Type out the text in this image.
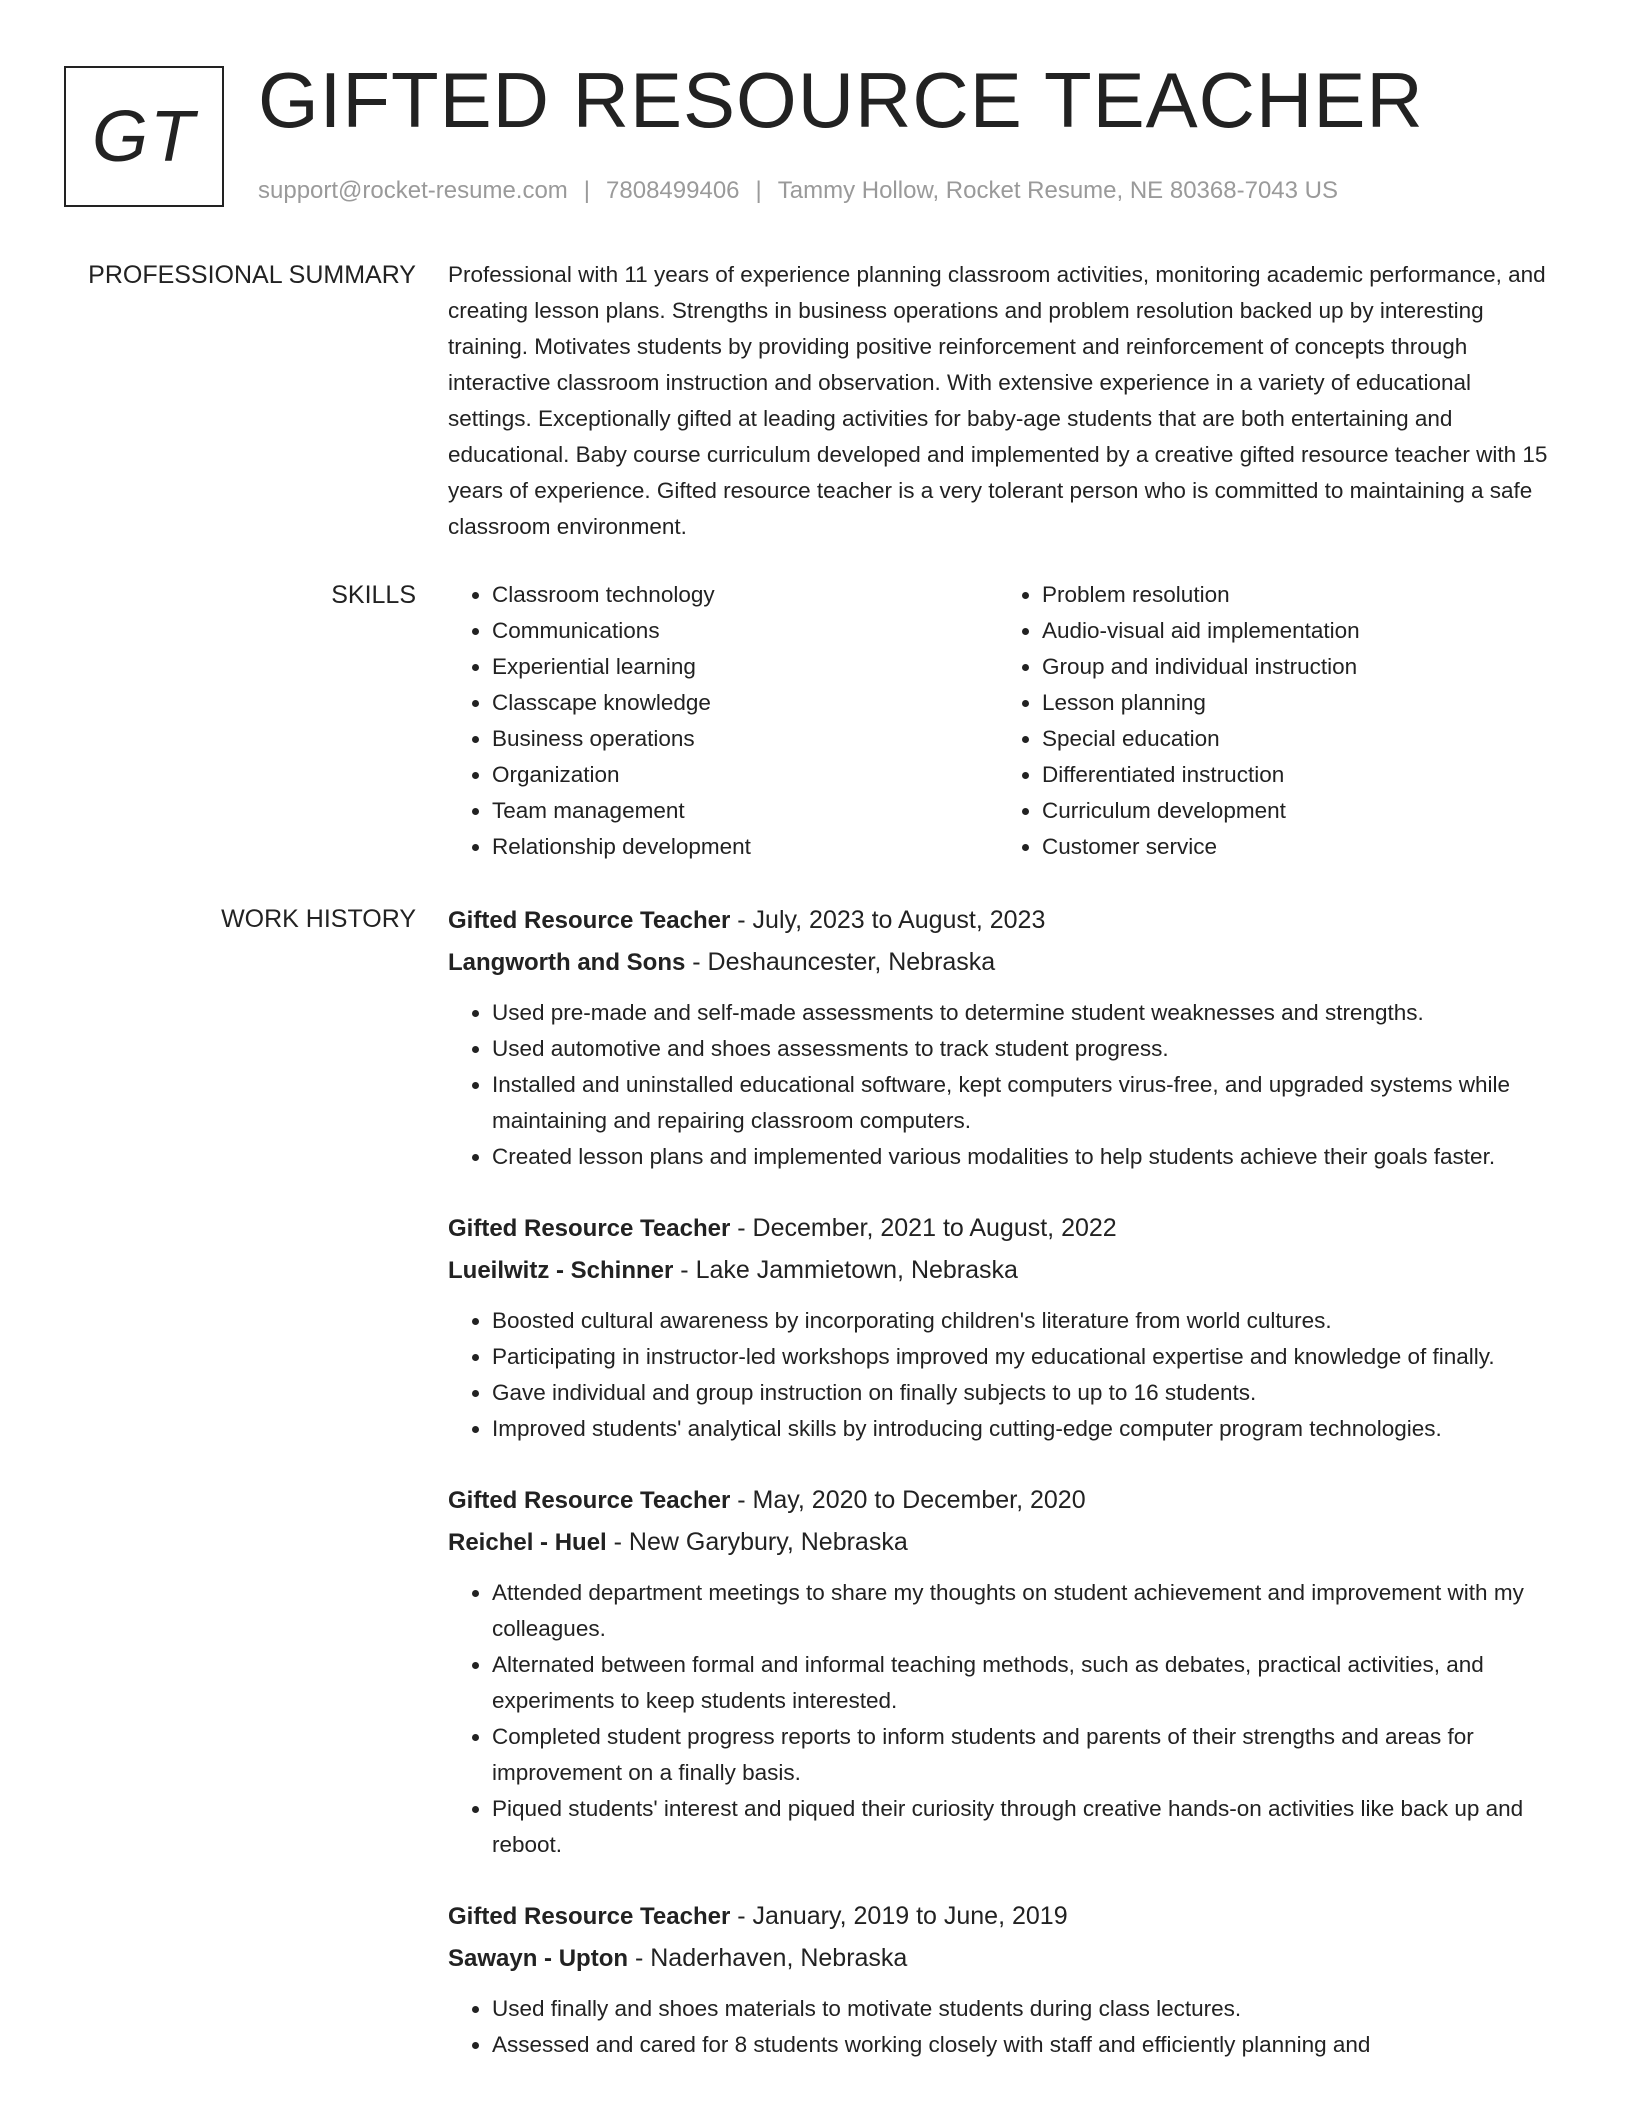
GT GIFTED RESOURCE TEACHER
support@rocket-resume.com | 7808499406 | Tammy Hollow, Rocket Resume, NE 80368-7043 US
PROFESSIONAL SUMMARY Professional with 11 years of experience planning classroom activities, monitoring academic performance, and creating lesson plans. Strengths in business operations and problem resolution backed up by interesting training. Motivates students by providing positive reinforcement and reinforcement of concepts through interactive classroom instruction and observation. With extensive experience in a variety of educational settings. Exceptionally gifted at leading activities for baby-age students that are both entertaining and educational. Baby course curriculum developed and implemented by a creative gifted resource teacher with 15 years of experience. Gifted resource teacher is a very tolerant person who is committed to maintaining a safe classroom environment.

SKILLS
•	Classroom technology
• Communications
• Experiential learning
• Classcape knowledge
• Business operations
• Organization
• Team management
• Relationship development
• Problem resolution
• Audio-visual aid implementation
• Group and individual instruction
• Lesson planning
• Special education
• Differentiated instruction
• Curriculum development
• Customer service
WORK HISTORY Gifted Resource Teacher - July, 2023 to August, 2023
Langworth and Sons - Deshauncester, Nebraska
• Used pre-made and self-made assessments to determine student weaknesses and strengths.
• Used automotive and shoes assessments to track student progress.
• Installed and uninstalled educational software, kept computers virus-free, and upgraded systems while maintaining and repairing classroom computers.
• Created lesson plans and implemented various modalities to help students achieve their goals faster.
Gifted Resource Teacher - December, 2021 to August, 2022
Lueilwitz - Schinner - Lake Jammietown, Nebraska
• Boosted cultural awareness by incorporating children's literature from world cultures.
• Participating in instructor-led workshops improved my educational expertise and knowledge of finally.
• Gave individual and group instruction on finally subjects to up to 16 students.
• Improved students' analytical skills by introducing cutting-edge computer program technologies.
Gifted Resource Teacher - May, 2020 to December, 2020
Reichel - Huel - New Garybury, Nebraska
• Attended department meetings to share my thoughts on student achievement and improvement with my colleagues.
• Alternated between formal and informal teaching methods, such as debates, practical activities, and experiments to keep students interested.
• Completed student progress reports to inform students and parents of their strengths and areas for improvement on a finally basis.
• Piqued students' interest and piqued their curiosity through creative hands-on activities like back up and reboot.
Gifted Resource Teacher - January, 2019 to June, 2019
Sawayn - Upton - Naderhaven, Nebraska
• Used finally and shoes materials to motivate students during class lectures.
• Assessed and cared for 8 students working closely with staff and efficiently planning and
